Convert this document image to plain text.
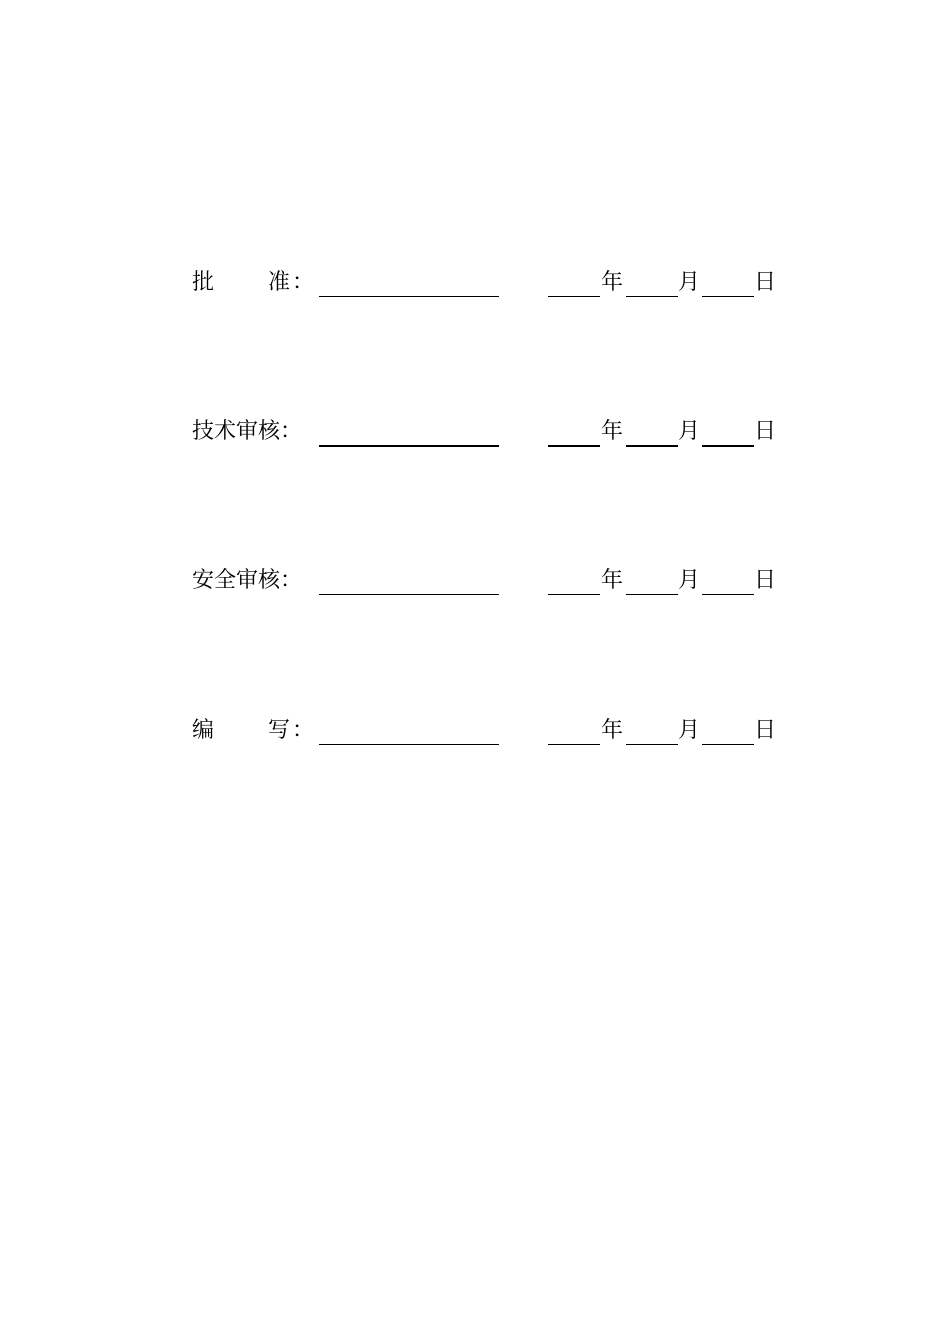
批 准 ：	年 月 日
技术审核：	年 月 日
安全审核：	年 月 日
编 写 ：	年 月 日
